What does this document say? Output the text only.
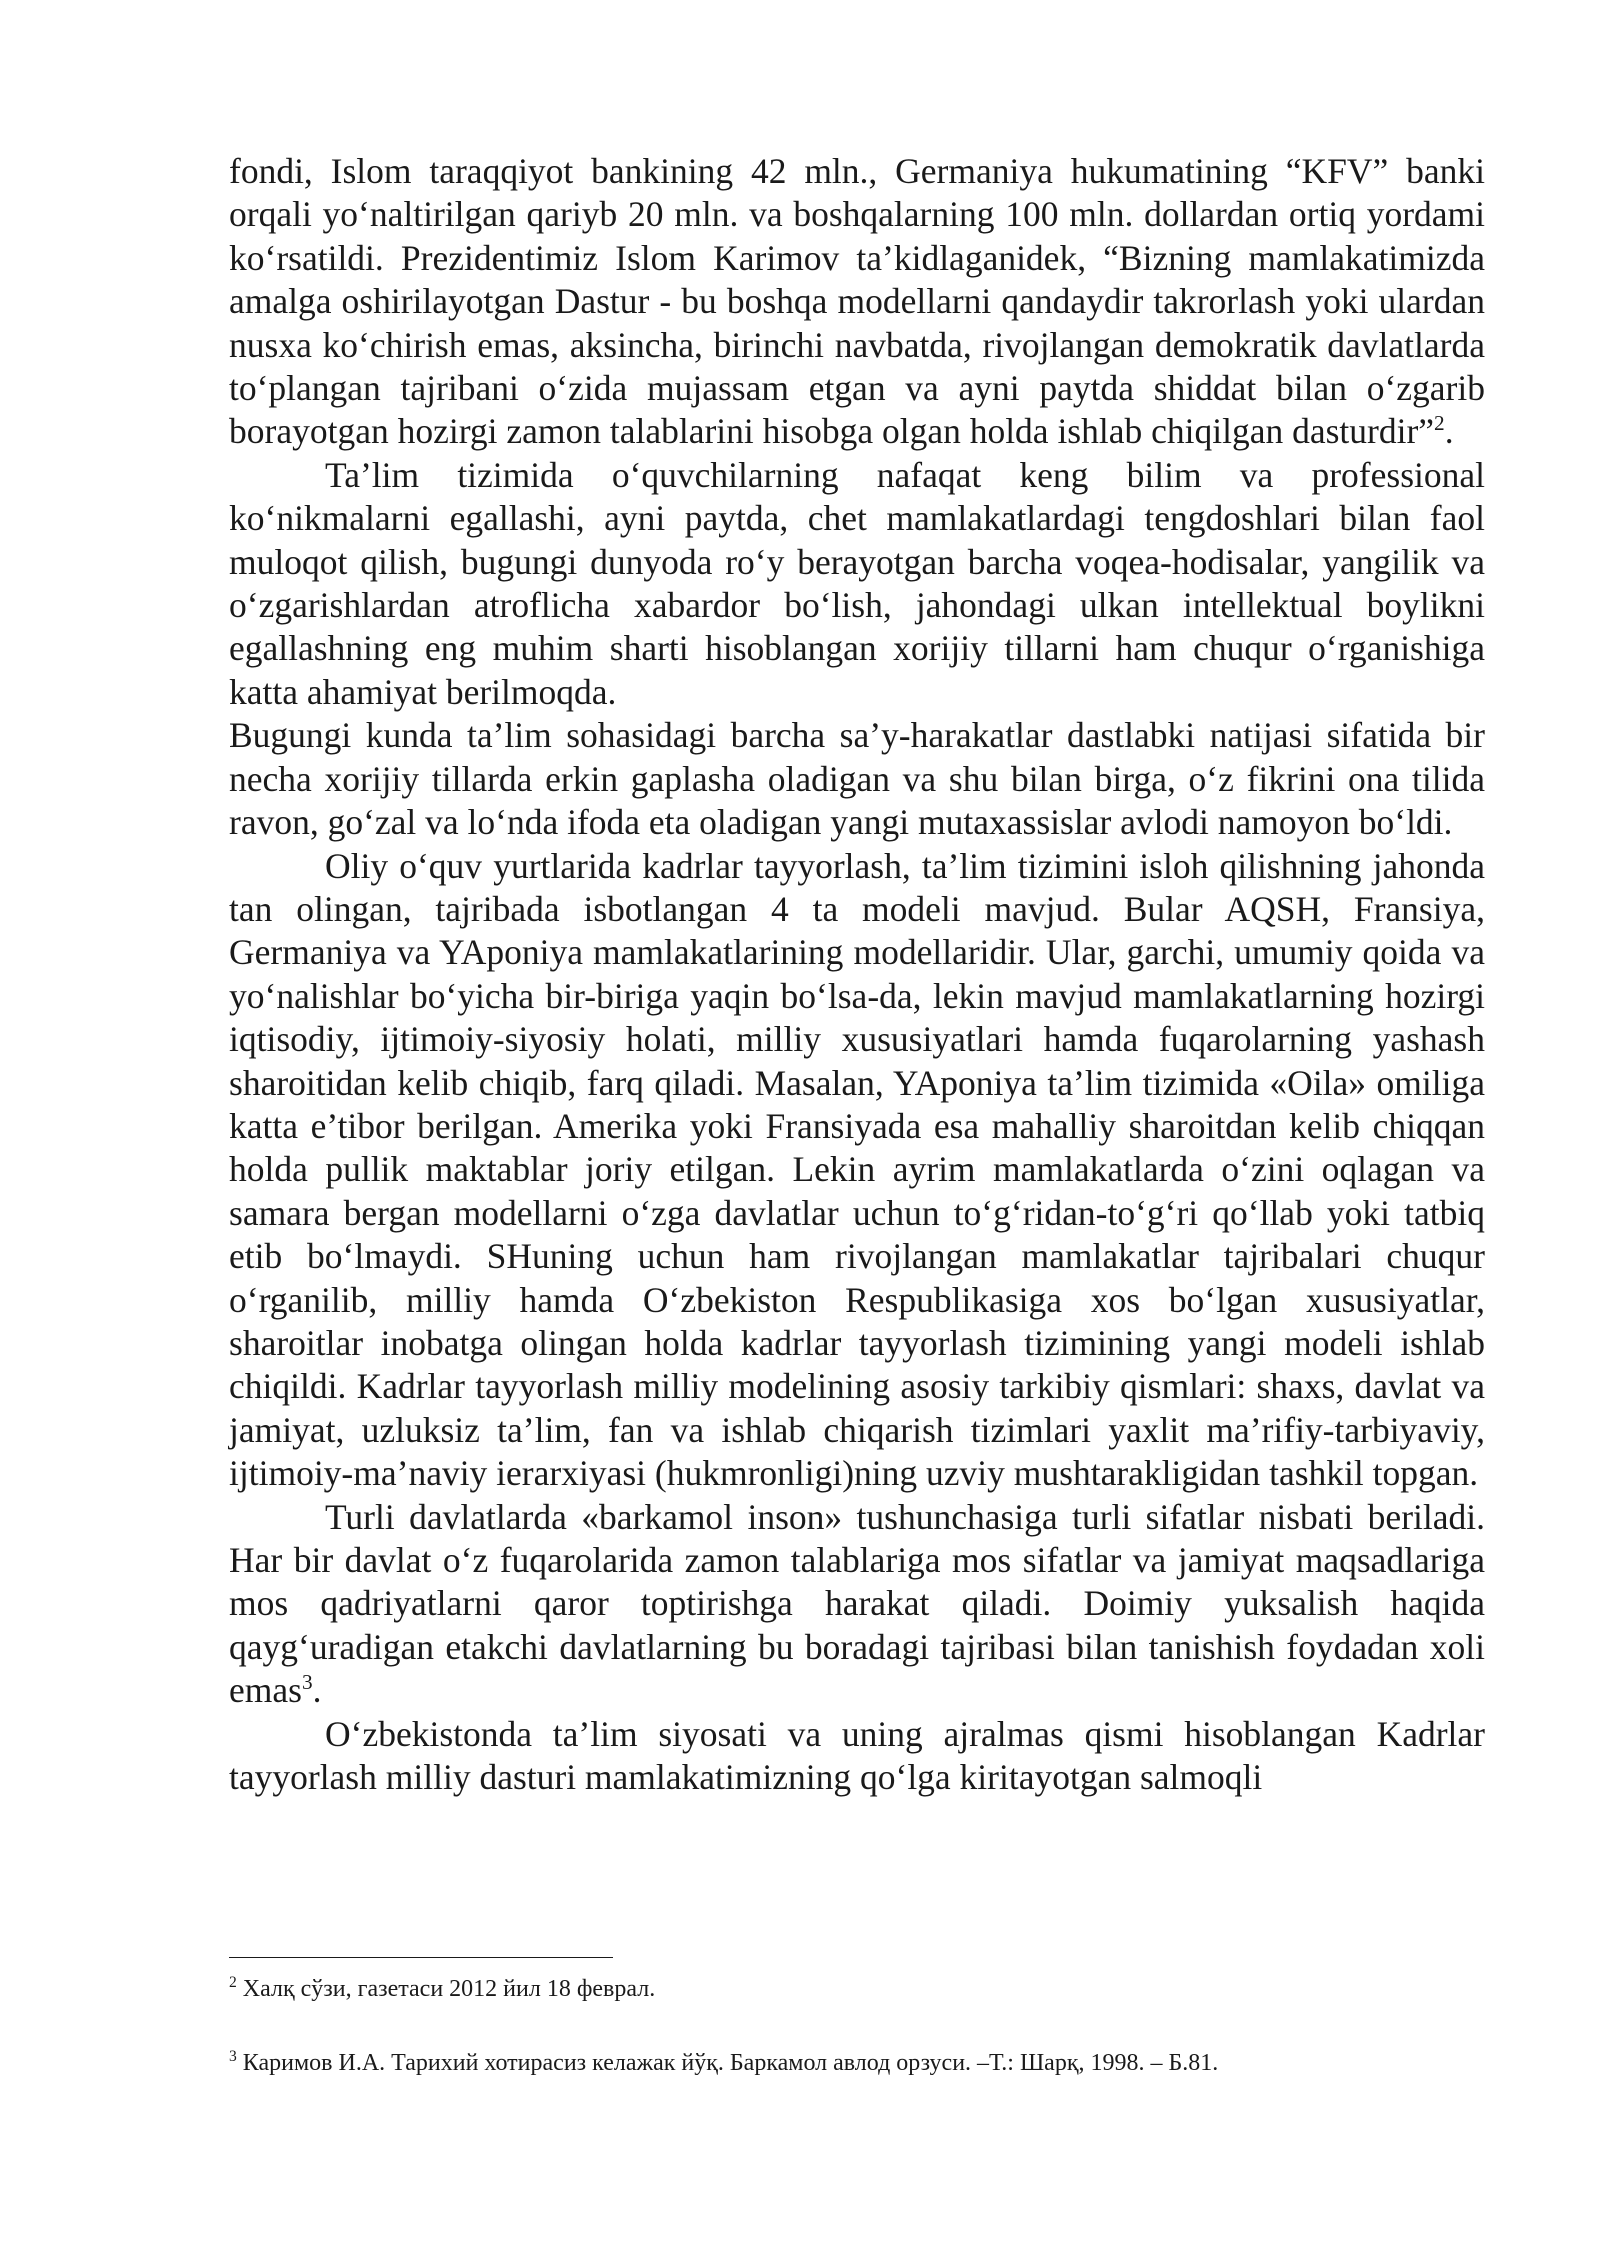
fondi, Islom taraqqiyot bankining 42 mln., Germaniya hukumatining “KFV” banki orqali yo‘naltirilgan qariyb 20 mln. va boshqalarning 100 mln. dollardan ortiq yordami ko‘rsatildi. Prezidentimiz Islom Karimov ta’kidlaganidek, “Bizning mamlakatimizda amalga oshirilayotgan Dastur - bu boshqa modellarni qandaydir takrorlash yoki ulardan nusxa ko‘chirish emas, aksincha, birinchi navbatda, rivojlangan demokratik davlatlarda to‘plangan tajribani o‘zida mujassam etgan va ayni paytda shiddat bilan o‘zgarib borayotgan hozirgi zamon talablarini hisobga olgan holda ishlab chiqilgan dasturdir”$^2$.

Ta’lim tizimida o‘quvchilarning nafaqat keng bilim va professional ko‘nikmalarni egallashi, ayni paytda, chet mamlakatlardagi tengdoshlari bilan faol muloqot qilish, bugungi dunyoda ro‘y berayotgan barcha voqea-hodisalar, yangilik va o‘zgarishlardan atroflicha xabardor bo‘lish, jahondagi ulkan intellektual boylikni egallashning eng muhim sharti hisoblangan xorijiy tillarni ham chuqur o‘rganishiga katta ahamiyat berilmoqda.

Bugungi kunda ta’lim sohasidagi barcha sa’y-harakatlar dastlabki natijasi sifatida bir necha xorijiy tillarda erkin gaplasha oladigan va shu bilan birga, o‘z fikrini ona tilida ravon, go‘zal va lo‘nda ifoda eta oladigan yangi mutaxassislar avlodi namoyon bo‘ldi.

Oliy o‘quv yurtlarida kadrlar tayyorlash, ta’lim tizimini isloh qilishning jahonda tan olingan, tajribada isbotlangan 4 ta modeli mavjud. Bular AQSH, Fransiya, Germaniya va YAponiya mamlakatlarining modellaridir. Ular, garchi, umumiy qoida va yo‘nalishlar bo‘yicha bir-biriga yaqin bo‘lsa-da, lekin mavjud mamlakatlarning hozirgi iqtisodiy, ijtimoiy-siyosiy holati, milliy xususiyatlari hamda fuqarolarning yashash sharoitidan kelib chiqib, farq qiladi. Masalan, YAponiya ta’lim tizimida «Oila» omiliga katta e’tibor berilgan. Amerika yoki Fransiyada esa mahalliy sharoitdan kelib chiqqan holda pullik maktablar joriy etilgan. Lekin ayrim mamlakatlarda o‘zini oqlagan va samara bergan modellarni o‘zga davlatlar uchun to‘g‘ridan-to‘g‘ri qo‘llab yoki tatbiq etib bo‘lmaydi. SHuning uchun ham rivojlangan mamlakatlar tajribalari chuqur o‘rganilib, milliy hamda O‘zbekiston Respublikasiga xos bo‘lgan xususiyatlar, sharoitlar inobatga olingan holda kadrlar tayyorlash tizimining yangi modeli ishlab chiqildi. Kadrlar tayyorlash milliy modelining asosiy tarkibiy qismlari: shaxs, davlat va jamiyat, uzluksiz ta’lim, fan va ishlab chiqarish tizimlari yaxlit ma’rifiy-tarbiyaviy, ijtimoiy-ma’naviy ierarxiyasi (hukmronligi)ning uzviy mushtarakligidan tashkil topgan.

Turli davlatlarda «barkamol inson» tushunchasiga turli sifatlar nisbati beriladi. Har bir davlat o‘z fuqarolarida zamon talablariga mos sifatlar va jamiyat maqsadlariga mos qadriyatlarni qaror toptirishga harakat qiladi. Doimiy yuksalish haqida qayg‘uradigan etakchi davlatlarning bu boradagi tajribasi bilan tanishish foydadan xoli emas$^3$.

O‘zbekistonda ta’lim siyosati va uning ajralmas qismi hisoblangan Kadrlar tayyorlash milliy dasturi mamlakatimizning qo‘lga kiritayotgan salmoqli

$^2$ Халқ сўзи, газетаси 2012 йил 18 феврал.
$^3$ Каримов И.А. Тарихий хотирасиз келажак йўқ. Баркамол авлод орзуси. –Т.: Шарқ, 1998. – Б.81.
